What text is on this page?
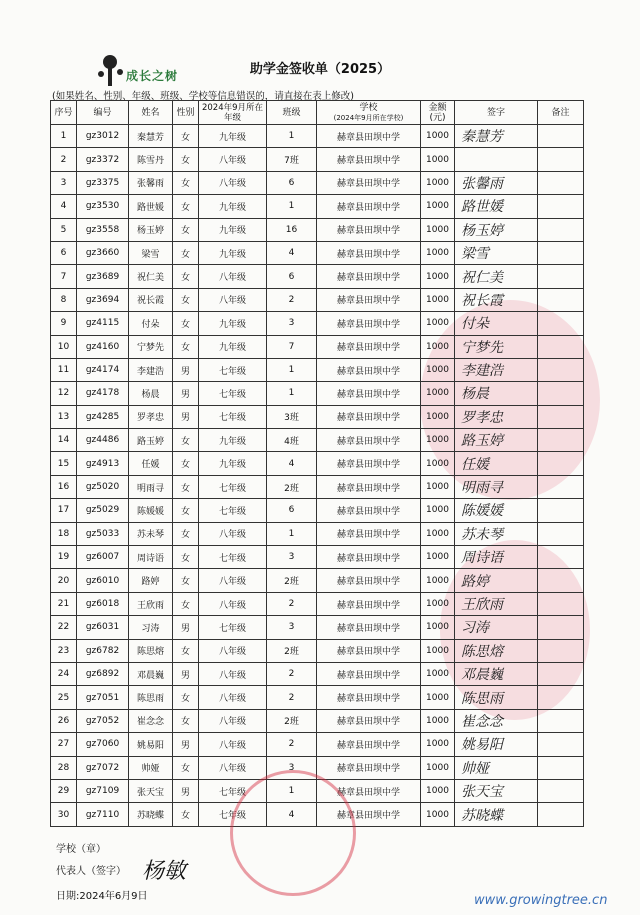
成长之树	助学金签收单（2025）
(如果姓名、性别、年级、班级、学校等信息错误的，请直接在表上修改)
序号	编号	姓名	性别	2024年9月所在年级	班级	学校
(2024年9月所在学校)	金额(元)	签字	备注
1	gz3012	秦慧芳	女	九年级	1	赫章县田坝中学	1000	秦慧芳	
2	gz3372	陈雪丹	女	八年级	7班	赫章县田坝中学	1000		
3	gz3375	张馨雨	女	八年级	6	赫章县田坝中学	1000	张馨雨	
4	gz3530	路世媛	女	九年级	1	赫章县田坝中学	1000	路世媛	
5	gz3558	杨玉婷	女	九年级	16	赫章县田坝中学	1000	杨玉婷	
6	gz3660	梁雪	女	九年级	4	赫章县田坝中学	1000	梁雪	
7	gz3689	祝仁美	女	八年级	6	赫章县田坝中学	1000	祝仁美	
8	gz3694	祝长霞	女	八年级	2	赫章县田坝中学	1000	祝长霞	
9	gz4115	付朵	女	九年级	3	赫章县田坝中学	1000	付朵	
10	gz4160	宁梦先	女	九年级	7	赫章县田坝中学	1000	宁梦先	
11	gz4174	李建浩	男	七年级	1	赫章县田坝中学	1000	李建浩	
12	gz4178	杨晨	男	七年级	1	赫章县田坝中学	1000	杨晨	
13	gz4285	罗孝忠	男	七年级	3班	赫章县田坝中学	1000	罗孝忠	
14	gz4486	路玉婷	女	九年级	4班	赫章县田坝中学	1000	路玉婷	
15	gz4913	任媛	女	九年级	4	赫章县田坝中学	1000	任媛	
16	gz5020	明雨寻	女	七年级	2班	赫章县田坝中学	1000	明雨寻	
17	gz5029	陈媛媛	女	七年级	6	赫章县田坝中学	1000	陈媛媛	
18	gz5033	苏未琴	女	八年级	1	赫章县田坝中学	1000	苏未琴	
19	gz6007	周诗语	女	七年级	3	赫章县田坝中学	1000	周诗语	
20	gz6010	路婷	女	八年级	2班	赫章县田坝中学	1000	路婷	
21	gz6018	王欣雨	女	八年级	2	赫章县田坝中学	1000	王欣雨	
22	gz6031	习涛	男	七年级	3	赫章县田坝中学	1000	习涛	
23	gz6782	陈思熔	女	八年级	2班	赫章县田坝中学	1000	陈思熔	
24	gz6892	邓晨巍	男	八年级	2	赫章县田坝中学	1000	邓晨巍	
25	gz7051	陈思雨	女	八年级	2	赫章县田坝中学	1000	陈思雨	
26	gz7052	崔念念	女	八年级	2班	赫章县田坝中学	1000	崔念念	
27	gz7060	姚易阳	男	八年级	2	赫章县田坝中学	1000	姚易阳	
28	gz7072	帅娅	女	八年级	3	赫章县田坝中学	1000	帅娅	
29	gz7109	张天宝	男	七年级	1	赫章县田坝中学	1000	张天宝	
30	gz7110	苏晓蝶	女	七年级	4	赫章县田坝中学	1000	苏晓蝶	
学校（章）
代表人（签字） 杨敏
日期:2024年6月9日	www.growingtree.cn
